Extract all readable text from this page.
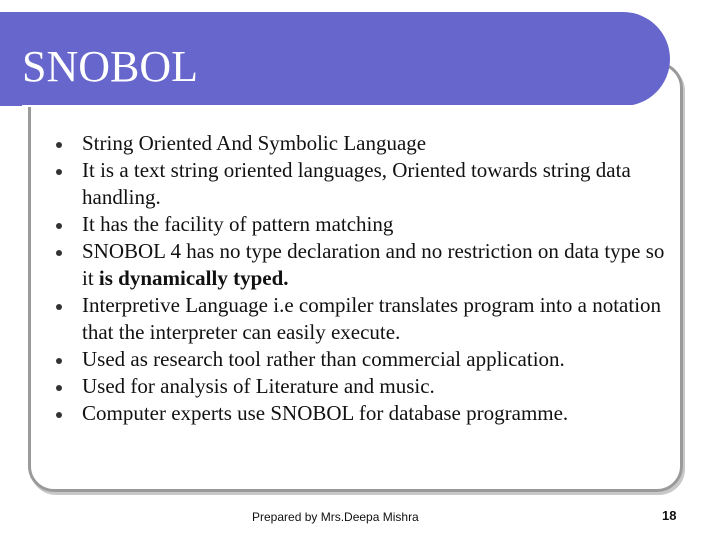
SNOBOL
String Oriented And Symbolic Language
It is a text string oriented languages, Oriented towards string data handling.
It has the facility of pattern matching
SNOBOL 4 has no type declaration and no restriction on data type so it is dynamically typed.
Interpretive Language i.e compiler translates program into a notation that the interpreter can easily execute.
Used as research tool rather than commercial application.
Used for analysis of Literature and music.
Computer experts use SNOBOL for database programme.
Prepared by Mrs.Deepa Mishra	18
